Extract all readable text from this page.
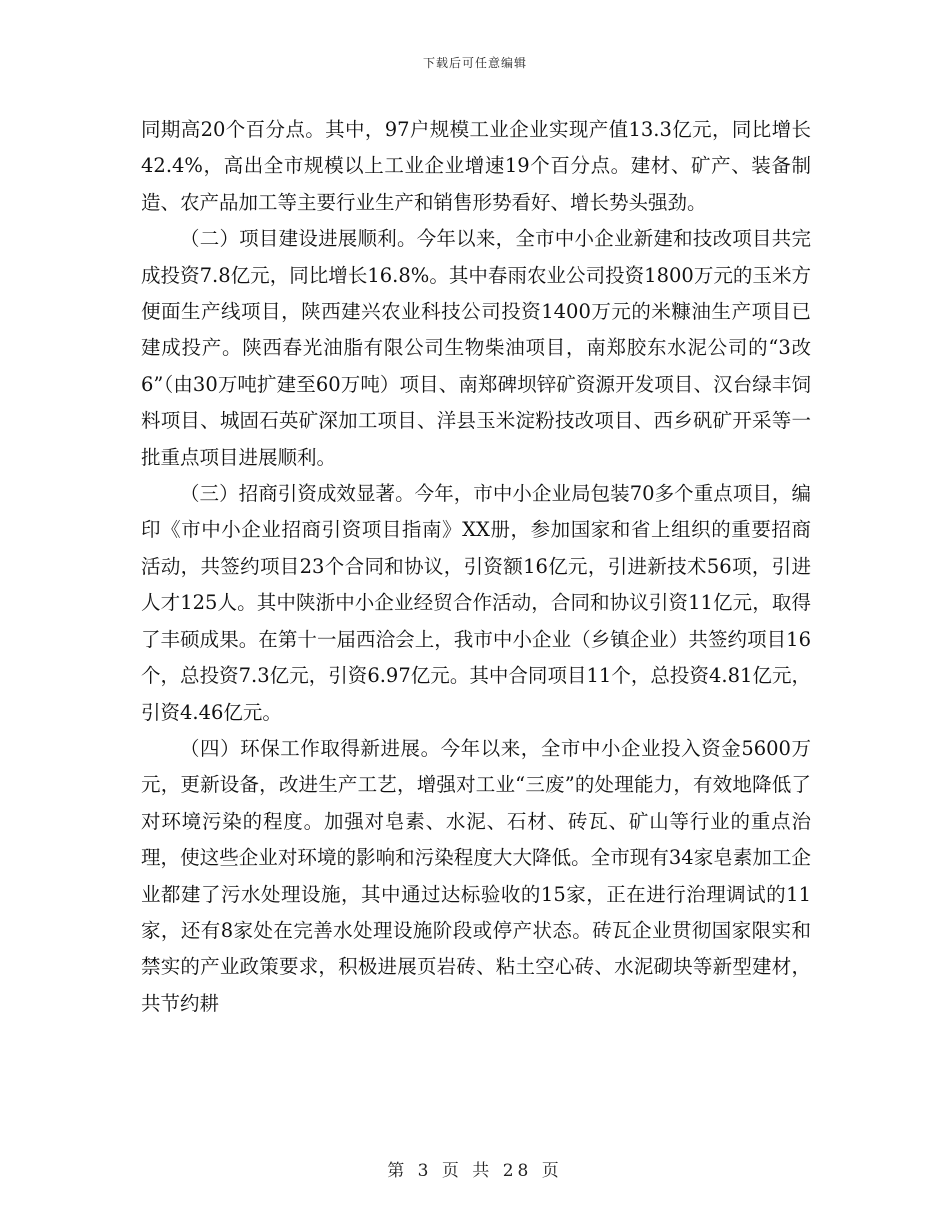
下载后可任意编辑

同期高20个百分点。其中，97户规模工业企业实现产值13.3亿元，同比增长42.4%，高出全市规模以上工业企业增速19个百分点。建材、矿产、装备制造、农产品加工等主要行业生产和销售形势看好、增长势头强劲。

（二）项目建设进展顺利。今年以来，全市中小企业新建和技改项目共完成投资7.8亿元，同比增长16.8%。其中春雨农业公司投资1800万元的玉米方便面生产线项目，陕西建兴农业科技公司投资1400万元的米糠油生产项目已建成投产。陕西春光油脂有限公司生物柴油项目，南郑胶东水泥公司的“3改6”（由30万吨扩建至60万吨）项目、南郑碑坝锌矿资源开发项目、汉台绿丰饲料项目、城固石英矿深加工项目、洋县玉米淀粉技改项目、西乡矾矿开采等一批重点项目进展顺利。

（三）招商引资成效显著。今年，市中小企业局包装70多个重点项目，编印《市中小企业招商引资项目指南》XX册，参加国家和省上组织的重要招商活动，共签约项目23个合同和协议，引资额16亿元，引进新技术56项，引进人才125人。其中陕浙中小企业经贸合作活动，合同和协议引资11亿元，取得了丰硕成果。在第十一届西洽会上，我市中小企业（乡镇企业）共签约项目16个，总投资7.3亿元，引资6.97亿元。其中合同项目11个，总投资4.81亿元，引资4.46亿元。

（四）环保工作取得新进展。今年以来，全市中小企业投入资金5600万元，更新设备，改进生产工艺，增强对工业“三废”的处理能力，有效地降低了对环境污染的程度。加强对皂素、水泥、石材、砖瓦、矿山等行业的重点治理，使这些企业对环境的影响和污染程度大大降低。全市现有34家皂素加工企业都建了污水处理设施，其中通过达标验收的15家，正在进行治理调试的11家，还有8家处在完善水处理设施阶段或停产状态。砖瓦企业贯彻国家限实和禁实的产业政策要求，积极进展页岩砖、粘土空心砖、水泥砌块等新型建材，共节约耕

第 3 页 共 28 页
